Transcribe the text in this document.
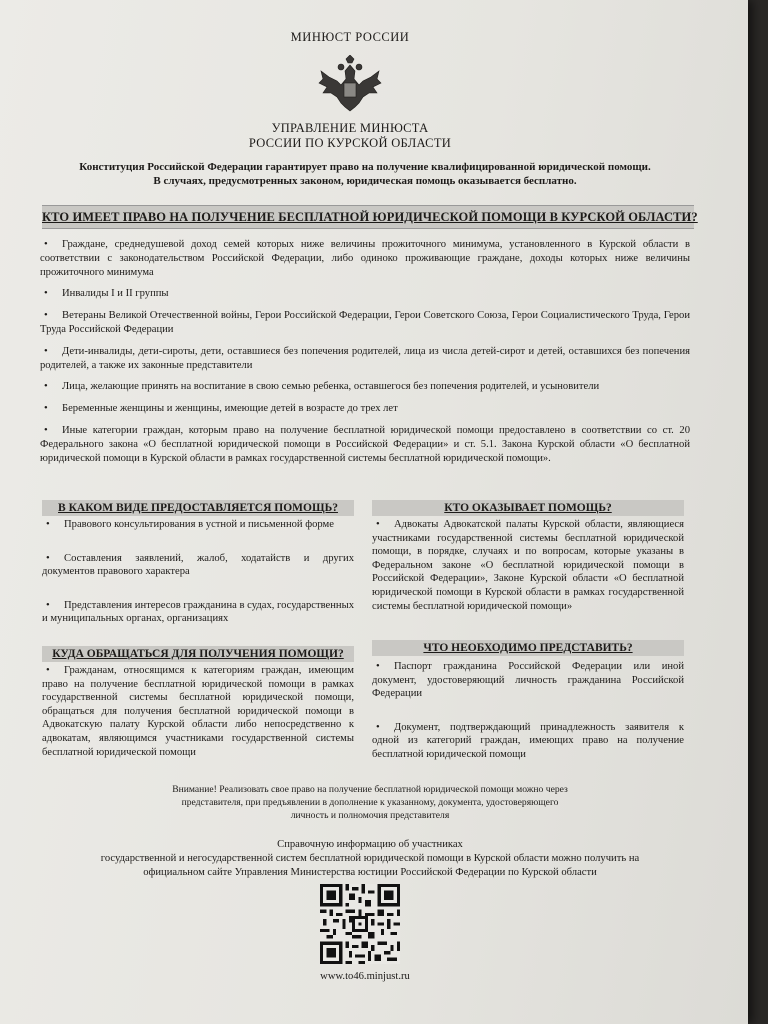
МИНЮСТ РОССИИ
УПРАВЛЕНИЕ МИНЮСТА
РОССИИ ПО КУРСКОЙ ОБЛАСТИ
Конституция Российской Федерации гарантирует право на получение квалифицированной юридической помощи.
В случаях, предусмотренных законом, юридическая помощь оказывается бесплатно.
КТО ИМЕЕТ ПРАВО НА ПОЛУЧЕНИЕ БЕСПЛАТНОЙ ЮРИДИЧЕСКОЙ ПОМОЩИ В КУРСКОЙ ОБЛАСТИ?
• Граждане, среднедушевой доход семей которых ниже величины прожиточного минимума, установленного в Курской области в соответствии с законодательством Российской Федерации, либо одиноко проживающие граждане, доходы которых ниже величины прожиточного минимума
• Инвалиды I и II группы
• Ветераны Великой Отечественной войны, Герои Российской Федерации, Герои Советского Союза, Герои Социалистического Труда, Герои Труда Российской Федерации
• Дети-инвалиды, дети-сироты, дети, оставшиеся без попечения родителей, лица из числа детей-сирот и детей, оставшихся без попечения родителей, а также их законные представители
• Лица, желающие принять на воспитание в свою семью ребенка, оставшегося без попечения родителей, и усыновители
• Беременные женщины и женщины, имеющие детей в возрасте до трех лет
• Иные категории граждан, которым право на получение бесплатной юридической помощи предоставлено в соответствии со ст. 20 Федерального закона «О бесплатной юридической помощи в Российской Федерации» и ст. 5.1. Закона Курской области «О бесплатной юридической помощи в Курской области в рамках государственной системы бесплатной юридической помощи».
В КАКОМ ВИДЕ ПРЕДОСТАВЛЯЕТСЯ ПОМОЩЬ?
• Правового консультирования в устной и письменной форме
• Составления заявлений, жалоб, ходатайств и других документов правового характера
• Представления интересов гражданина в судах, государственных и муниципальных органах, организациях
КТО ОКАЗЫВАЕТ ПОМОЩЬ?
• Адвокаты Адвокатской палаты Курской области, являющиеся участниками государственной системы бесплатной юридической помощи, в порядке, случаях и по вопросам, которые указаны в Федеральном законе «О бесплатной юридической помощи в Российской Федерации», Законе Курской области «О бесплатной юридической помощи в Курской области в рамках государственной системы бесплатной юридической помощи»
КУДА ОБРАЩАТЬСЯ ДЛЯ ПОЛУЧЕНИЯ ПОМОЩИ?
• Гражданам, относящимся к категориям граждан, имеющим право на получение бесплатной юридической помощи в рамках государственной системы бесплатной юридической помощи, обращаться для получения бесплатной юридической помощи в Адвокатскую палату Курской области либо непосредственно к адвокатам, являющимся участниками государственной системы бесплатной юридической помощи
ЧТО НЕОБХОДИМО ПРЕДСТАВИТЬ?
• Паспорт гражданина Российской Федерации или иной документ, удостоверяющий личность гражданина Российской Федерации
• Документ, подтверждающий принадлежность заявителя к одной из категорий граждан, имеющих право на получение бесплатной юридической помощи
Внимание! Реализовать свое право на получение бесплатной юридической помощи можно через
представителя, при предъявлении в дополнение к указанному, документа, удостоверяющего
личность и полномочия представителя
Справочную информацию об участниках
государственной и негосударственной систем бесплатной юридической помощи в Курской области можно получить на
официальном сайте Управления Министерства юстиции Российской Федерации по Курской области
www.to46.minjust.ru
